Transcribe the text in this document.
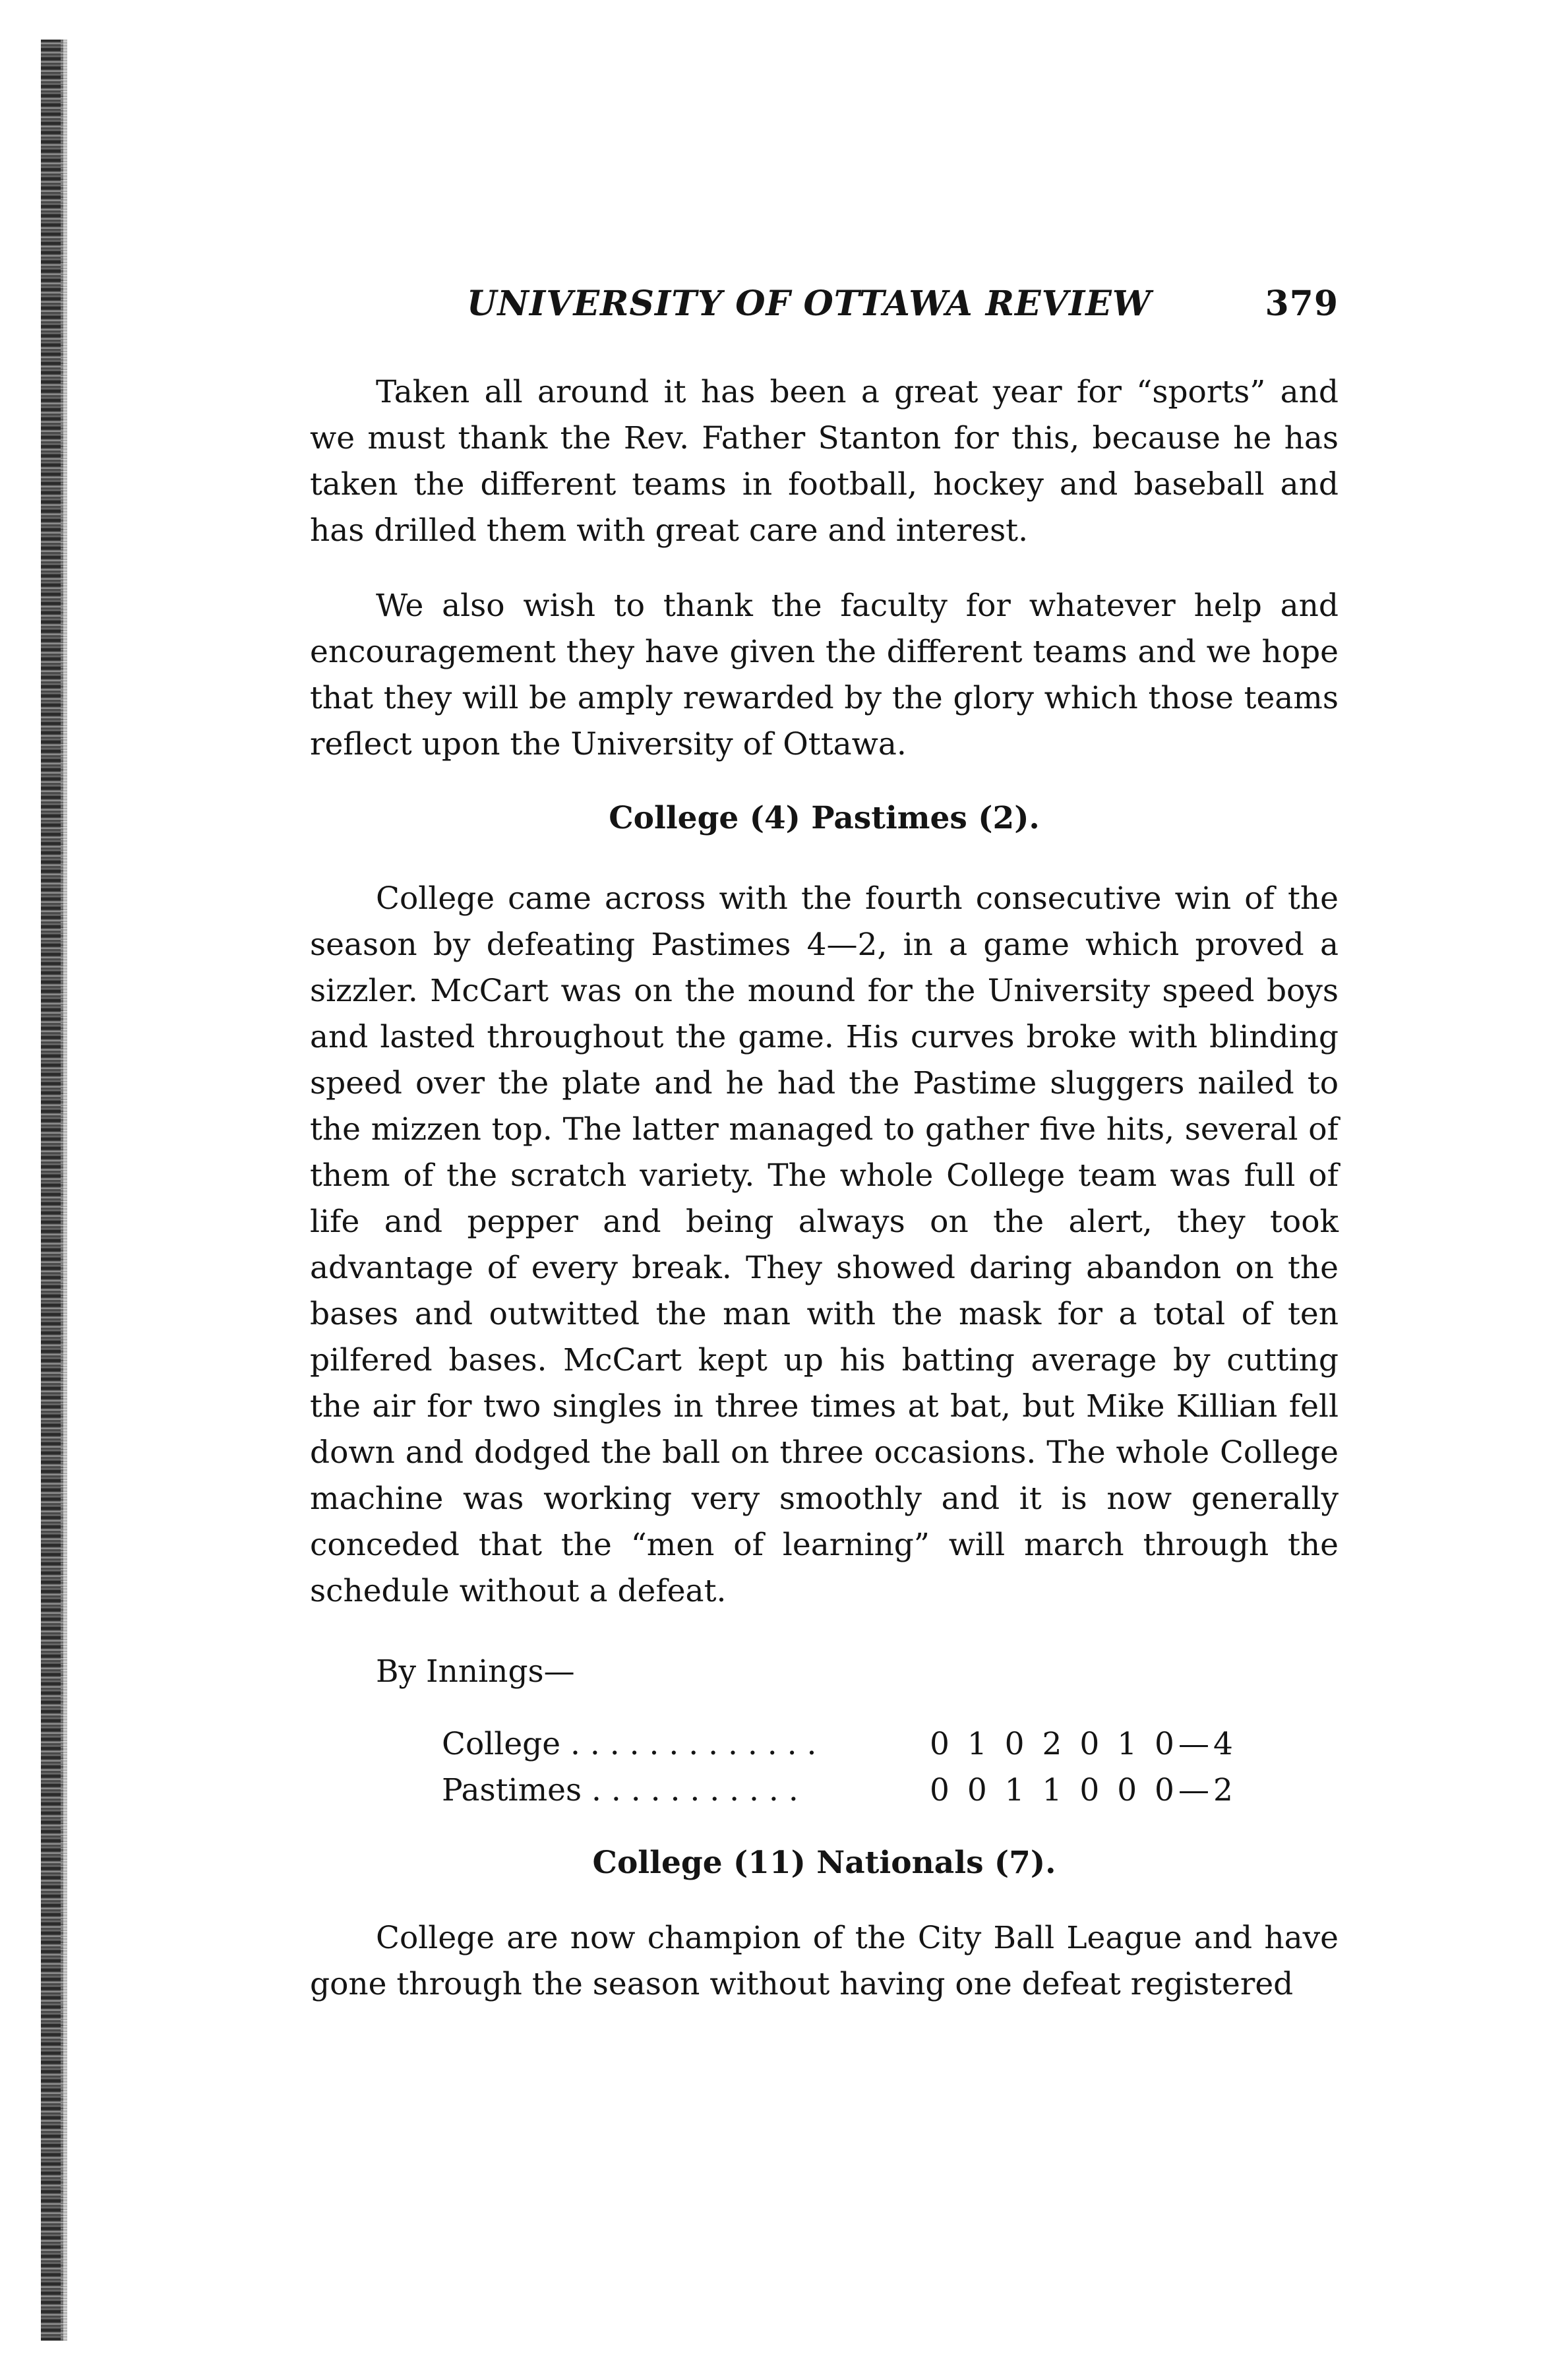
UNIVERSITY OF OTTAWA REVIEW	379

Taken all around it has been a great year for “sports” and we must thank the Rev. Father Stanton for this, because he has taken the different teams in football, hockey and baseball and has drilled them with great care and interest.

We also wish to thank the faculty for whatever help and encouragement they have given the different teams and we hope that they will be amply rewarded by the glory which those teams reflect upon the University of Ottawa.

College (4) Pastimes (2).

College came across with the fourth consecutive win of the season by defeating Pastimes 4—2, in a game which proved a sizzler. McCart was on the mound for the University speed boys and lasted throughout the game. His curves broke with blinding speed over the plate and he had the Pastime sluggers nailed to the mizzen top. The latter managed to gather five hits, several of them of the scratch variety. The whole College team was full of life and pepper and being always on the alert, they took advantage of every break. They showed daring abandon on the bases and outwitted the man with the mask for a total of ten pilfered bases. McCart kept up his batting average by cutting the air for two singles in three times at bat, but Mike Killian fell down and dodged the ball on three occasions. The whole College machine was working very smoothly and it is now generally conceded that the “men of learning” will march through the schedule without a defeat.

By Innings—
College . . . . . . . . . . . . .	0 1 0 2 0 1 0—4
Pastimes . . . . . . . . . . .	0 0 1 1 0 0 0—2
College (11) Nationals (7).

College are now champion of the City Ball League and have gone through the season without having one defeat registered
